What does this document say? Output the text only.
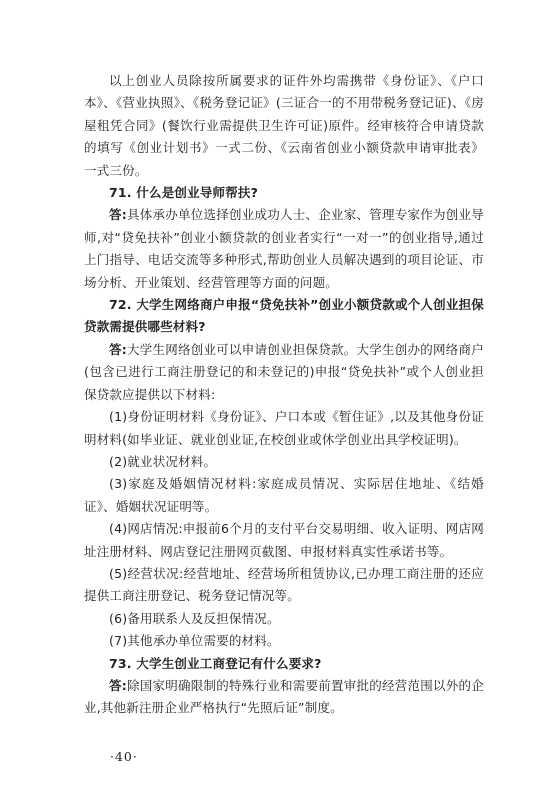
以上创业人员除按所属要求的证件外均需携带《身份证》、《户口本》、《营业执照》、《税务登记证》(三证合一的不用带税务登记证)、《房屋租凭合同》(餐饮行业需提供卫生许可证)原件。经审核符合申请贷款的填写《创业计划书》一式二份、《云南省创业小额贷款申请审批表》一式三份。

71. 什么是创业导师帮扶?

答:具体承办单位选择创业成功人士、企业家、管理专家作为创业导师,对“贷免扶补”创业小额贷款的创业者实行“一对一”的创业指导,通过上门指导、电话交流等多种形式,帮助创业人员解决遇到的项目论证、市场分析、开业策划、经营管理等方面的问题。

72. 大学生网络商户申报“贷免扶补”创业小额贷款或个人创业担保贷款需提供哪些材料?

答:大学生网络创业可以申请创业担保贷款。大学生创办的网络商户(包含已进行工商注册登记的和未登记的)申报“贷免扶补”或个人创业担保贷款应提供以下材料:

(1)身份证明材料《身份证》、户口本或《暂住证》,以及其他身份证明材料(如毕业证、就业创业证,在校创业或休学创业出具学校证明)。

(2)就业状况材料。

(3)家庭及婚姻情况材料:家庭成员情况、实际居住地址、《结婚证》、婚姻状况证明等。

(4)网店情况:申报前6个月的支付平台交易明细、收入证明、网店网址注册材料、网店登记注册网页截图、申报材料真实性承诺书等。

(5)经营状况:经营地址、经营场所租赁协议,已办理工商注册的还应提供工商注册登记、税务登记情况等。

(6)备用联系人及反担保情况。

(7)其他承办单位需要的材料。

73. 大学生创业工商登记有什么要求?

答:除国家明确限制的特殊行业和需要前置审批的经营范围以外的企业,其他新注册企业严格执行“先照后证”制度。

·40·
